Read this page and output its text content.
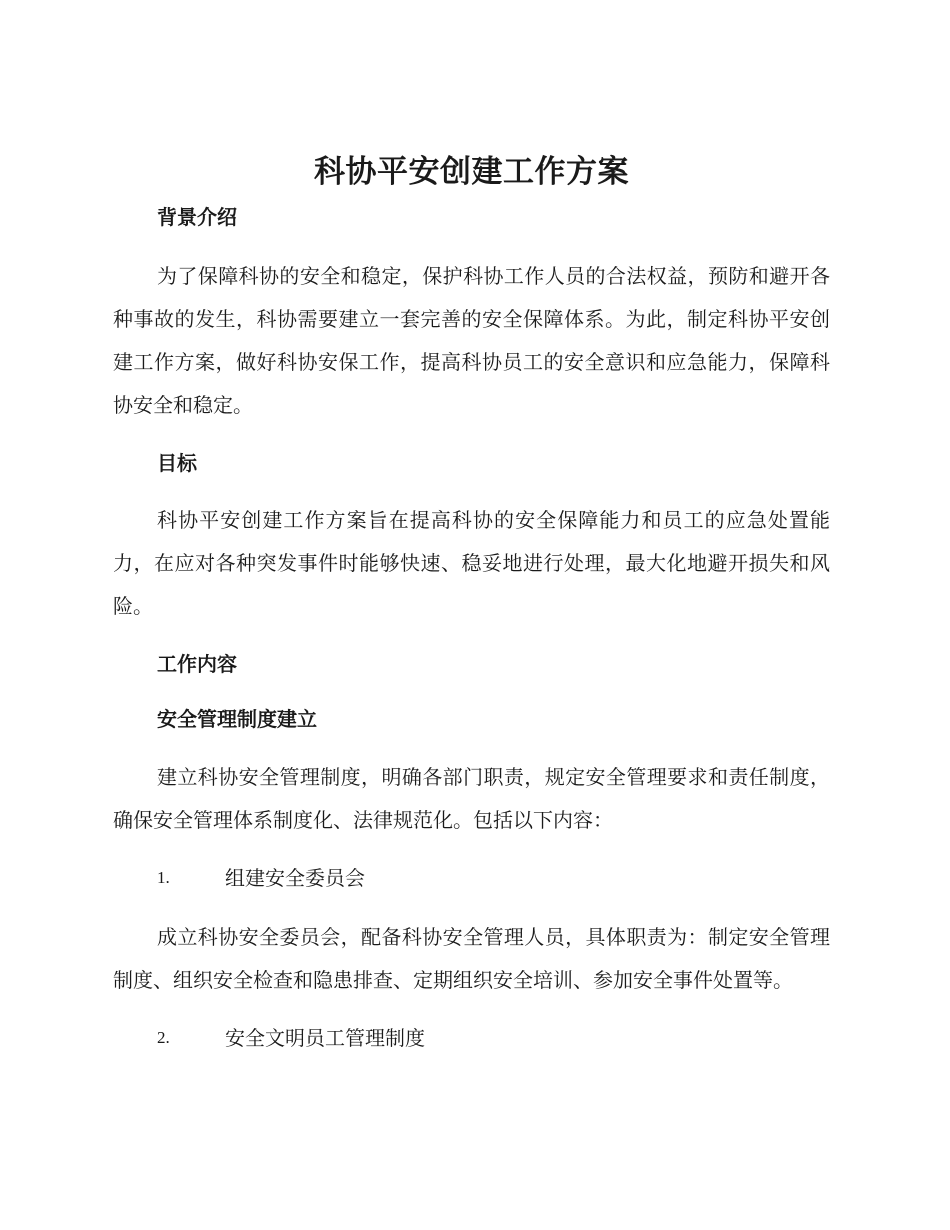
科协平安创建工作方案

背景介绍

为了保障科协的安全和稳定，保护科协工作人员的合法权益，预防和避开各种事故的发生，科协需要建立一套完善的安全保障体系。为此，制定科协平安创建工作方案，做好科协安保工作，提高科协员工的安全意识和应急能力，保障科协安全和稳定。

目标

科协平安创建工作方案旨在提高科协的安全保障能力和员工的应急处置能力，在应对各种突发事件时能够快速、稳妥地进行处理，最大化地避开损失和风险。

工作内容

安全管理制度建立

建立科协安全管理制度，明确各部门职责，规定安全管理要求和责任制度，确保安全管理体系制度化、法律规范化。包括以下内容：

1.	组建安全委员会

成立科协安全委员会，配备科协安全管理人员，具体职责为：制定安全管理制度、组织安全检查和隐患排查、定期组织安全培训、参加安全事件处置等。

2.	安全文明员工管理制度
